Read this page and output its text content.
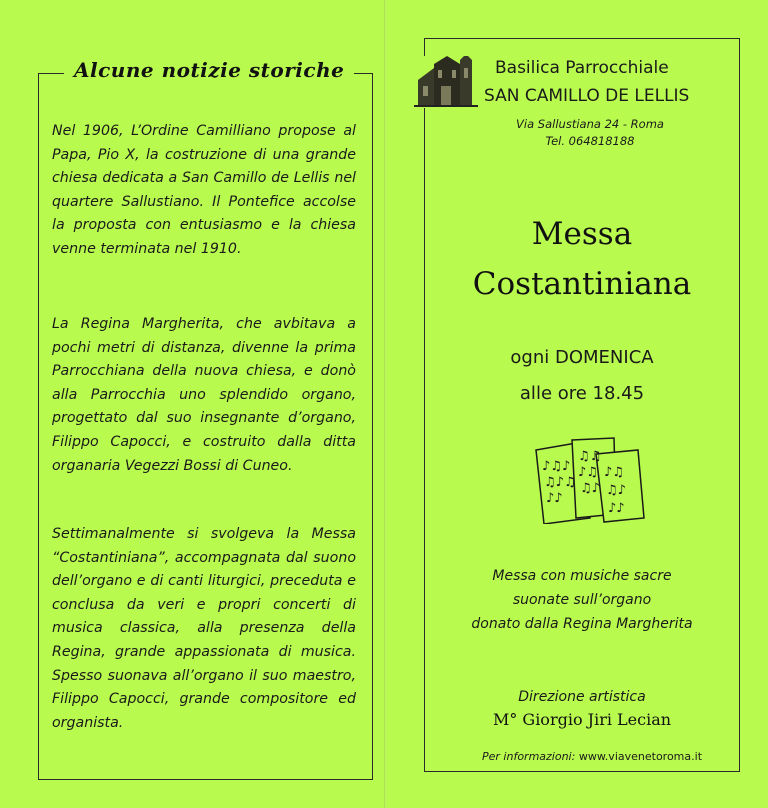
Alcune notizie storiche
Nel 1906, L’Ordine Camilliano propose al Papa, Pio X, la costruzione di una grande chiesa dedicata a San Camillo de Lellis nel quartere Sallustiano. Il Pontefice accolse la proposta con entusiasmo e la chiesa venne terminata nel 1910.
La Regina Margherita, che avbitava a pochi metri di distanza, divenne la prima Parrocchiana della nuova chiesa, e donò alla Parrocchia uno splendido organo, progettato dal suo insegnante d’organo, Filippo Capocci, e costruito dalla ditta organaria Vegezzi Bossi di Cuneo.
Settimanalmente si svolgeva la Messa “Costantiniana”, accompagnata dal suono dell’organo e di canti liturgici, preceduta e conclusa da veri e propri concerti di musica classica, alla presenza della Regina, grande appassionata di musica. Spesso suonava all’organo il suo maestro, Filippo Capocci, grande compositore ed organista.
Basilica Parrocchiale
SAN CAMILLO DE LELLIS
Via Sallustiana 24 - Roma
Tel. 064818188
Messa
Costantiniana
ogni DOMENICA
alle ore 18.45
♪♫♪
♫♪♫
♪♪
♫♫
♪♫
♫♪
♪♫
♫♪
♪♪
Messa con musiche sacre
suonate sull’organo
donato dalla Regina Margherita
Direzione artistica
M° Giorgio Jiri Lecian
Per informazioni: www.viavenetoroma.it
